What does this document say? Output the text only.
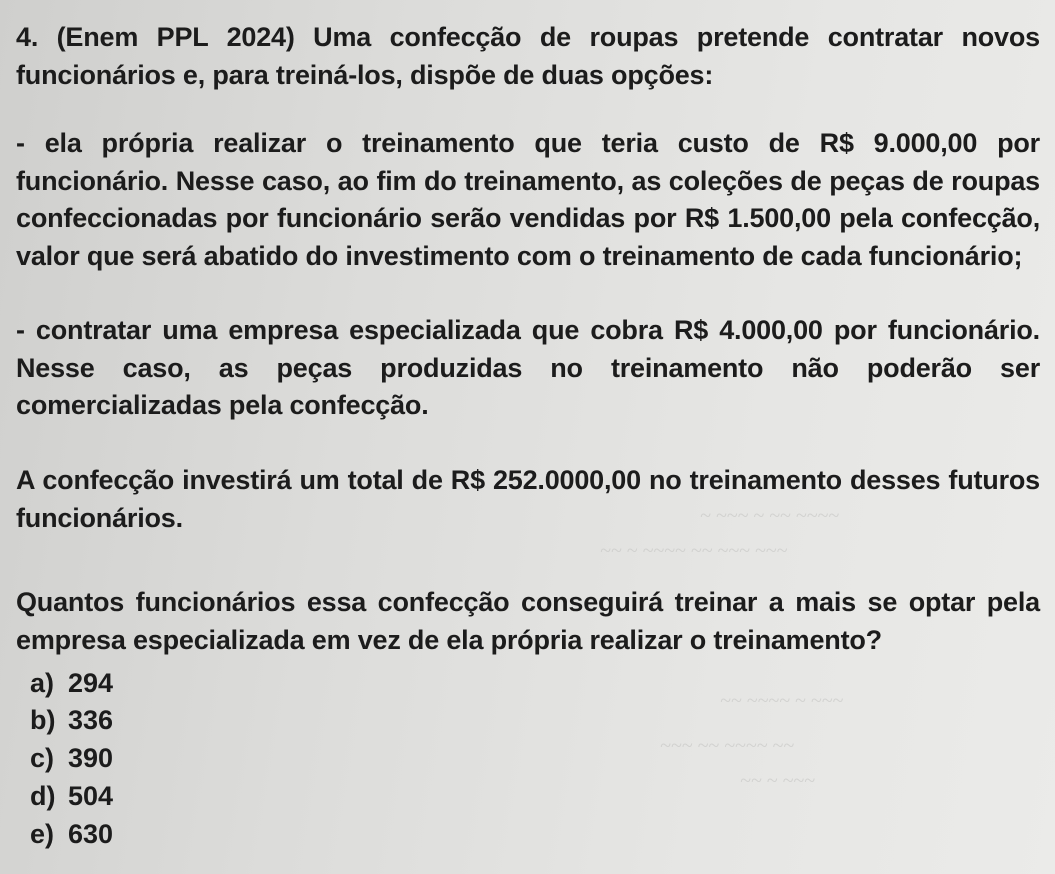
~ ~~~ ~ ~~ ~~~~
~~ ~ ~~~~ ~~ ~~~ ~~~
~~ ~~~~ ~ ~~~
~~~ ~~ ~~~~ ~~
~~ ~ ~~~

4. (Enem PPL 2024) Uma confecção de roupas pretende contratar novos funcionários e, para treiná-los, dispõe de duas opções:

- ela própria realizar o treinamento que teria custo de R$ 9.000,00 por funcionário. Nesse caso, ao fim do treinamento, as coleções de peças de roupas confeccionadas por funcionário serão vendidas por R$ 1.500,00 pela confecção, valor que será abatido do investimento com o treinamento de cada funcionário;

- contratar uma empresa especializada que cobra R$ 4.000,00 por funcionário. Nesse caso, as peças produzidas no treinamento não poderão ser comercializadas pela confecção.

A confecção investirá um total de R$ 252.0000,00 no treinamento desses futuros funcionários.

Quantos funcionários essa confecção conseguirá treinar a mais se optar pela empresa especializada em vez de ela própria realizar o treinamento?

a) 294
b) 336
c) 390
d) 504
e) 630
